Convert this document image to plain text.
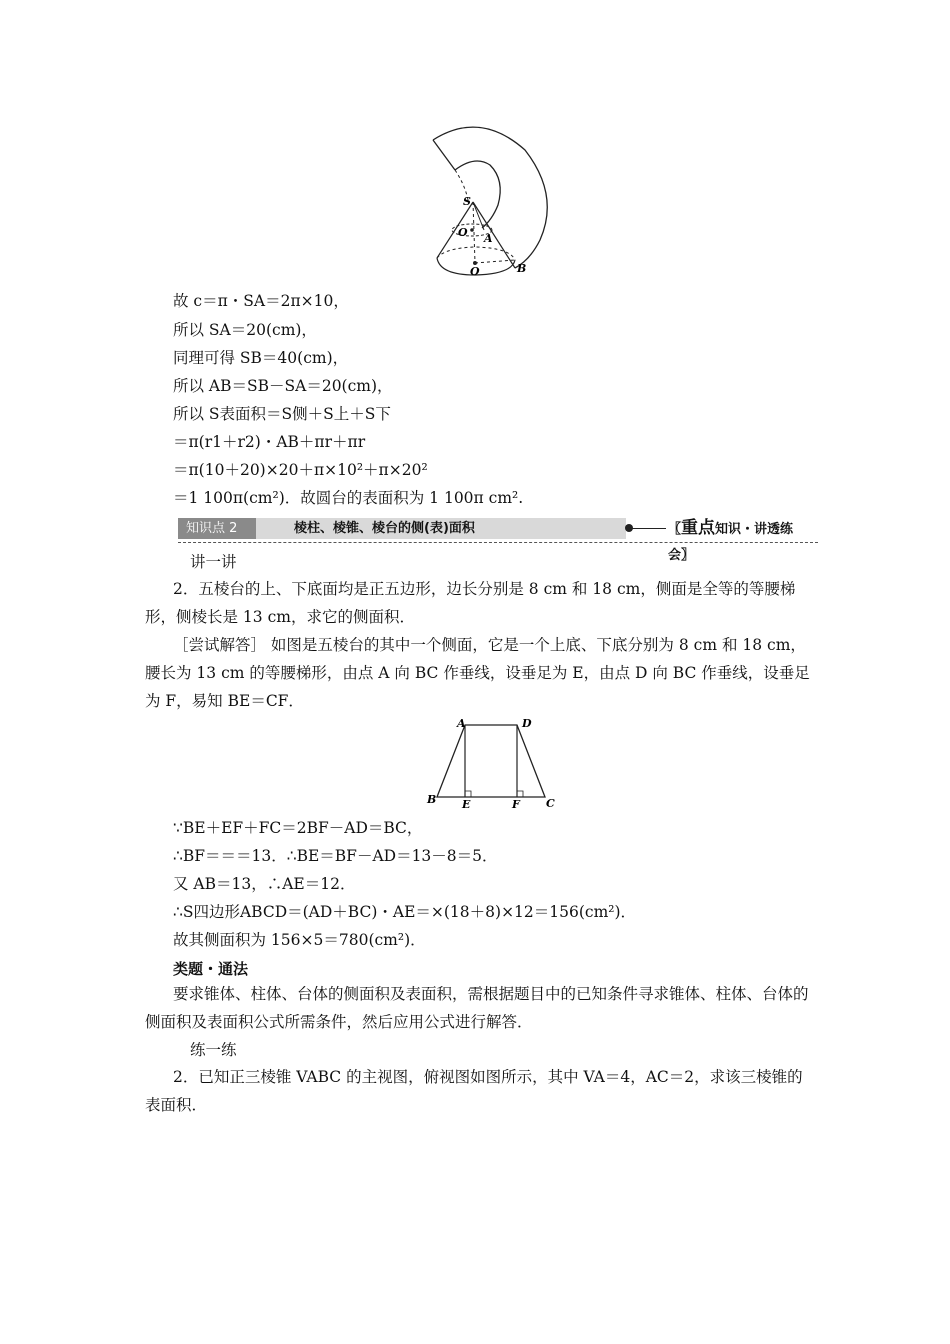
S
O A
O	B
故 c＝π・SA＝2π×10，
所以 SA＝20(cm)，
同理可得 SB＝40(cm)，
所以 AB＝SB－SA＝20(cm)，
所以 S表面积＝S侧＋S上＋S下
＝π(r1＋r2)・AB＋πr＋πr
＝π(10＋20)×20＋π×10²＋π×20²
＝1 100π(cm²)．故圆台的表面积为 1 100π cm².
知识点 2	棱柱、棱锥、棱台的侧(表)面积	〖重点知识・讲透练会〗
讲一讲
2．五棱台的上、下底面均是正五边形，边长分别是 8 cm 和 18 cm，侧面是全等的等腰梯形，侧棱长是 13 cm，求它的侧面积．
［尝试解答］ 如图是五棱台的其中一个侧面，它是一个上底、下底分别为 8 cm 和 18 cm，腰长为 13 cm 的等腰梯形，由点 A 向 BC 作垂线，设垂足为 E，由点 D 向 BC 作垂线，设垂足为 F，易知 BE＝CF．
A	D
B E	F C
∵BE＋EF＋FC＝2BF－AD＝BC，
∴BF＝＝＝13．∴BE＝BF－AD＝13－8＝5．
又 AB＝13，∴AE＝12．
∴S四边形ABCD＝(AD＋BC)・AE＝×(18＋8)×12＝156(cm²)．
故其侧面积为 156×5＝780(cm²)．
类题・通法
要求锥体、柱体、台体的侧面积及表面积，需根据题目中的已知条件寻求锥体、柱体、台体的侧面积及表面积公式所需条件，然后应用公式进行解答．
练一练
2．已知正三棱锥 VABC 的主视图，俯视图如图所示，其中 VA＝4，AC＝2，求该三棱锥的表面积．
